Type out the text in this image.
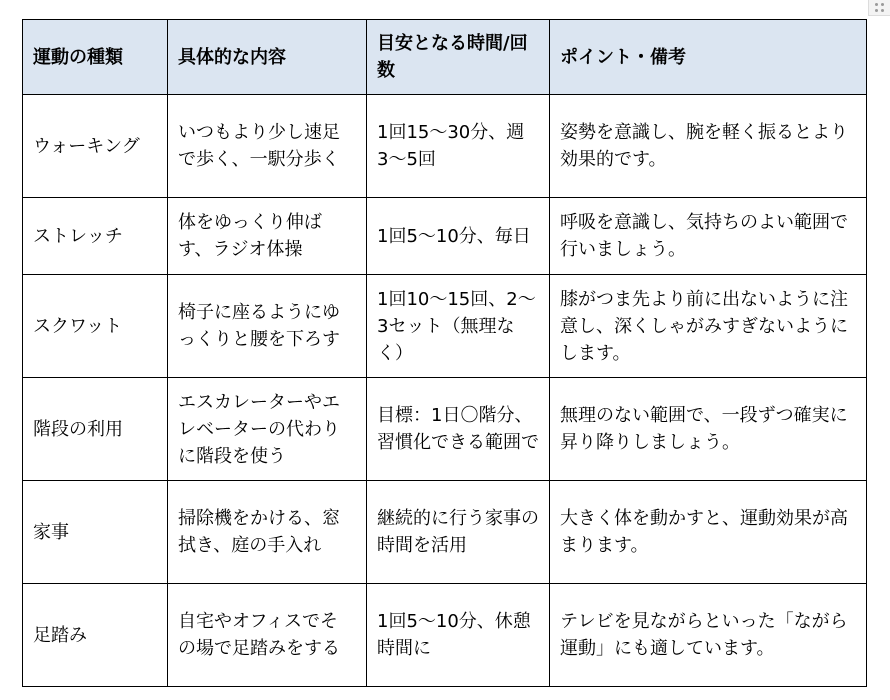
運動の種類	具体的な内容	目安となる時間/回数	ポイント・備考
ウォーキング	いつもより少し速足で歩く、一駅分歩く	1回15〜30分、週3〜5回	姿勢を意識し、腕を軽く振るとより効果的です。
ストレッチ	体をゆっくり伸ばす、ラジオ体操	1回5〜10分、毎日	呼吸を意識し、気持ちのよい範囲で行いましょう。
スクワット	椅子に座るようにゆっくりと腰を下ろす	1回10〜15回、2〜3セット（無理なく）	膝がつま先より前に出ないように注意し、深くしゃがみすぎないようにします。
階段の利用	エスカレーターやエレベーターの代わりに階段を使う	目標：1日〇階分、習慣化できる範囲で	無理のない範囲で、一段ずつ確実に昇り降りしましょう。
家事	掃除機をかける、窓拭き、庭の手入れ	継続的に行う家事の時間を活用	大きく体を動かすと、運動効果が高まります。
足踏み	自宅やオフィスでその場で足踏みをする	1回5〜10分、休憩時間に	テレビを見ながらといった「ながら運動」にも適しています。
